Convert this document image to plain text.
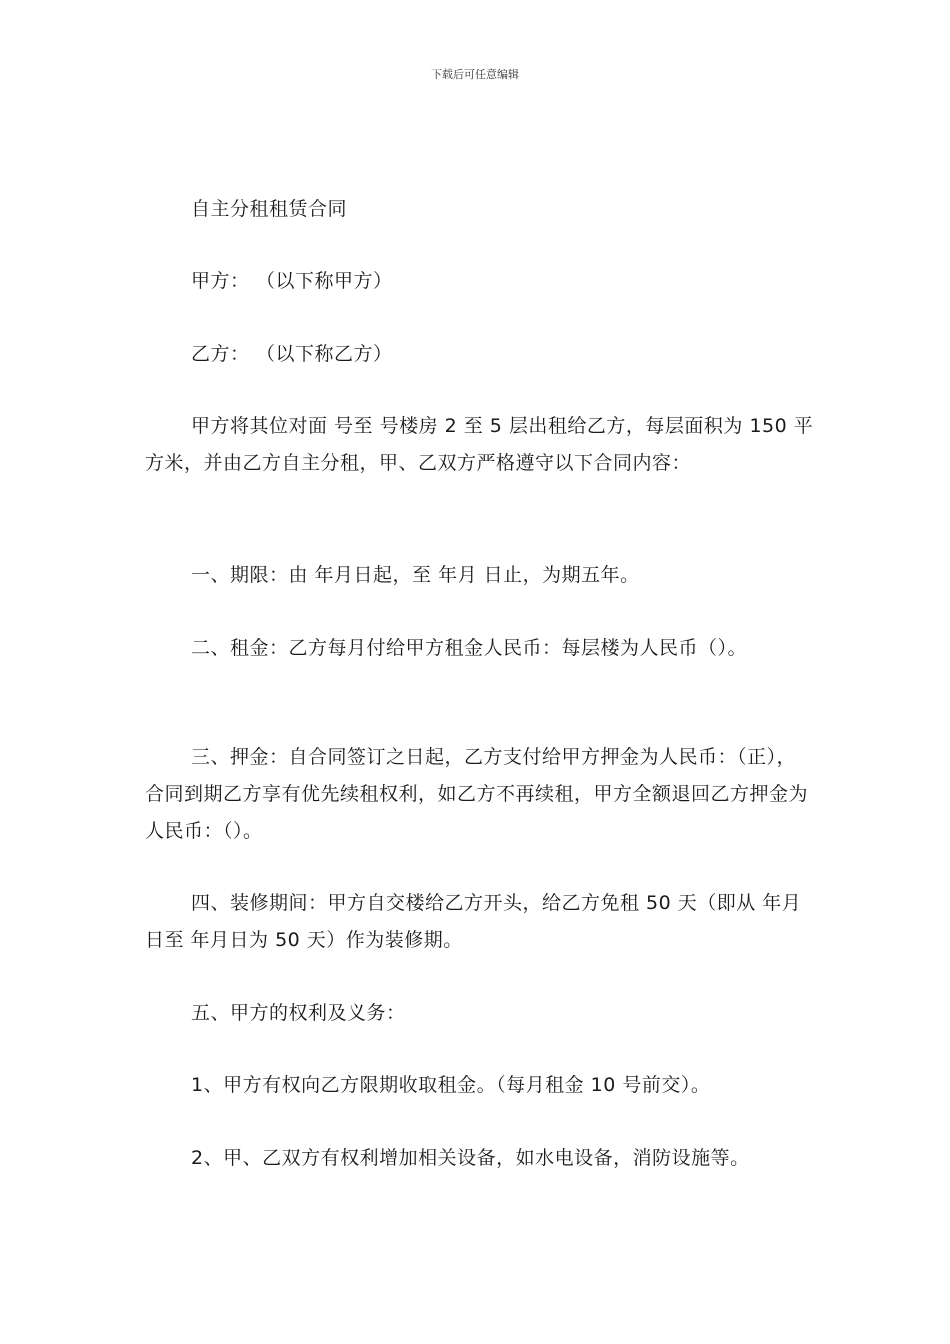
下载后可任意编辑

自主分租租赁合同

甲方： （以下称甲方）

乙方： （以下称乙方）

甲方将其位对面 号至 号楼房 2 至 5 层出租给乙方，每层面积为 150 平方米，并由乙方自主分租，甲、乙双方严格遵守以下合同内容：

一、期限：由 年月日起，至 年月 日止，为期五年。

二、租金：乙方每月付给甲方租金人民币：每层楼为人民币（）。

三、押金：自合同签订之日起，乙方支付给甲方押金为人民币：（正），合同到期乙方享有优先续租权利，如乙方不再续租，甲方全额退回乙方押金为人民币：（）。

四、装修期间：甲方自交楼给乙方开头，给乙方免租 50 天（即从 年月日至 年月日为 50 天）作为装修期。

五、甲方的权利及义务：

1、甲方有权向乙方限期收取租金。（每月租金 10 号前交）。

2、甲、乙双方有权利增加相关设备，如水电设备，消防设施等。
